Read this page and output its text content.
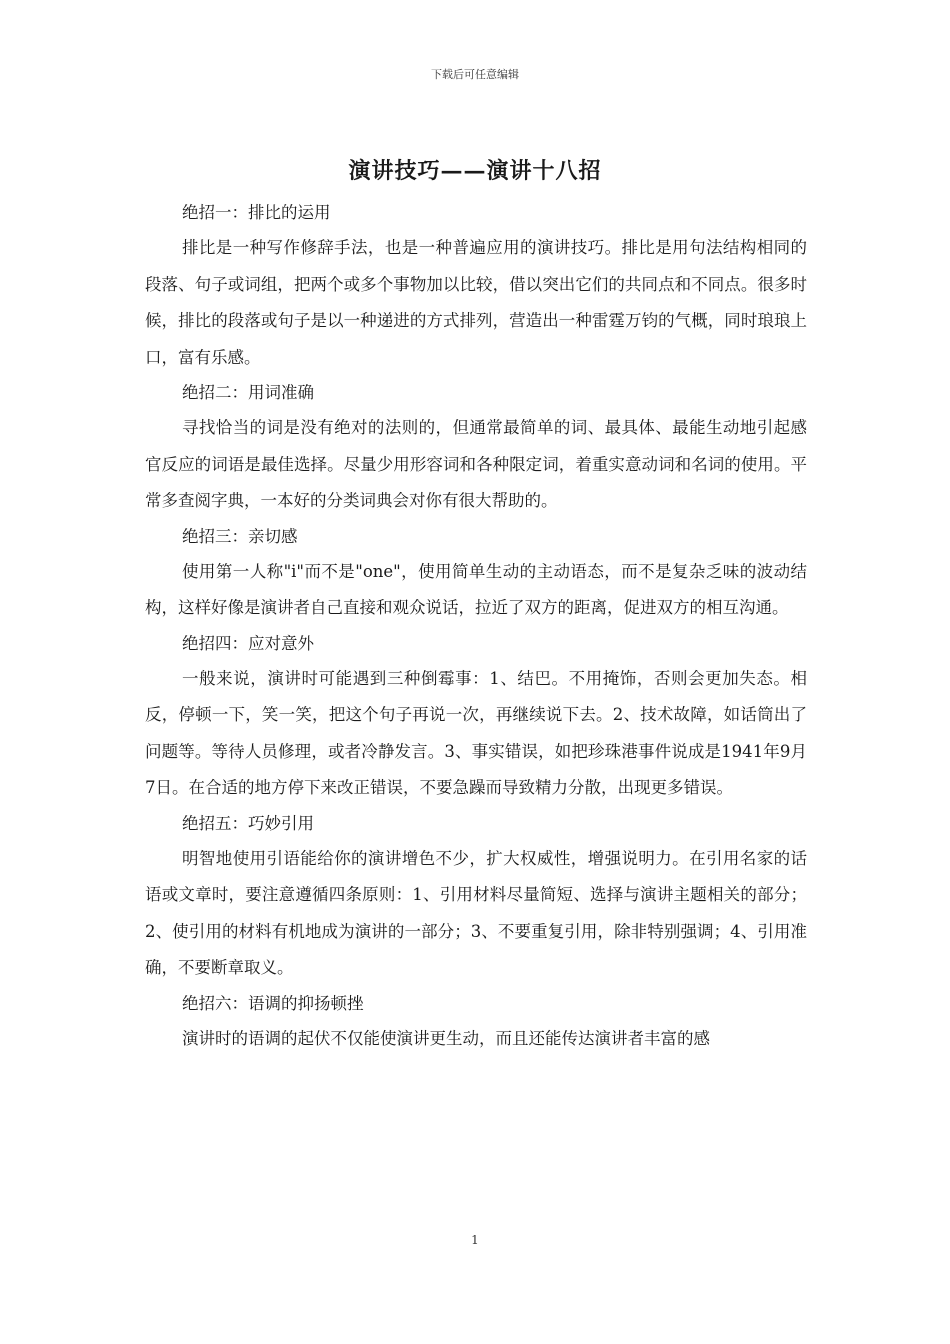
下载后可任意编辑
演讲技巧——演讲十八招
绝招一：排比的运用

排比是一种写作修辞手法，也是一种普遍应用的演讲技巧。排比是用句法结构相同的段落、句子或词组，把两个或多个事物加以比较，借以突出它们的共同点和不同点。很多时候，排比的段落或句子是以一种递进的方式排列，营造出一种雷霆万钧的气概，同时琅琅上口，富有乐感。

绝招二：用词准确

寻找恰当的词是没有绝对的法则的，但通常最简单的词、最具体、最能生动地引起感官反应的词语是最佳选择。尽量少用形容词和各种限定词，着重实意动词和名词的使用。平常多查阅字典，一本好的分类词典会对你有很大帮助的。

绝招三：亲切感

使用第一人称"i"而不是"one"，使用简单生动的主动语态，而不是复杂乏味的波动结构，这样好像是演讲者自己直接和观众说话，拉近了双方的距离，促进双方的相互沟通。

绝招四：应对意外

一般来说，演讲时可能遇到三种倒霉事：1、结巴。不用掩饰，否则会更加失态。相反，停顿一下，笑一笑，把这个句子再说一次，再继续说下去。2、技术故障，如话筒出了问题等。等待人员修理，或者冷静发言。3、事实错误，如把珍珠港事件说成是1941年9月7日。在合适的地方停下来改正错误，不要急躁而导致精力分散，出现更多错误。

绝招五：巧妙引用

明智地使用引语能给你的演讲增色不少，扩大权威性，增强说明力。在引用名家的话语或文章时，要注意遵循四条原则：1、引用材料尽量简短、选择与演讲主题相关的部分；2、使引用的材料有机地成为演讲的一部分；3、不要重复引用，除非特别强调；4、引用准确，不要断章取义。

绝招六：语调的抑扬顿挫

演讲时的语调的起伏不仅能使演讲更生动，而且还能传达演讲者丰富的感

1
